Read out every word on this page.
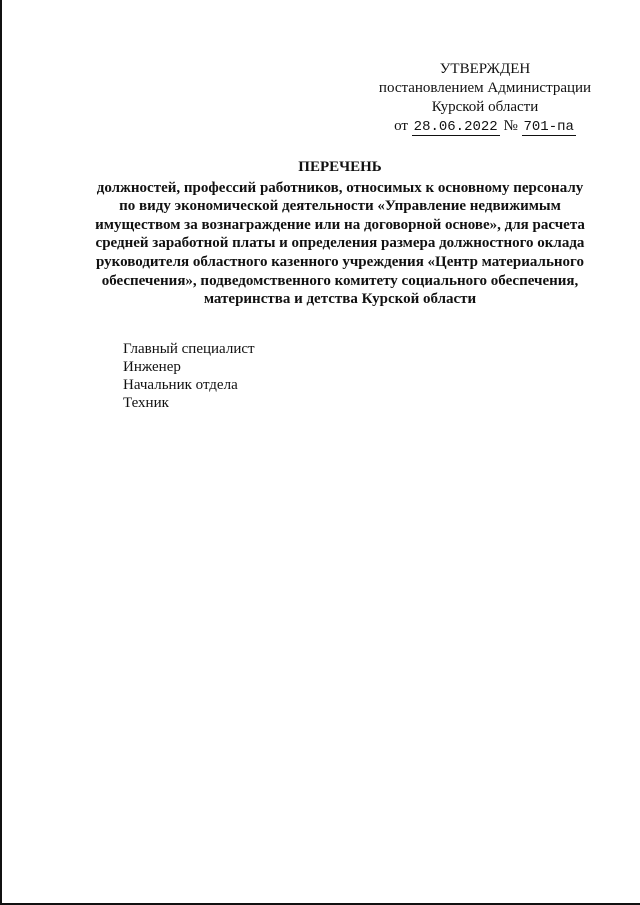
УТВЕРЖДЕН
постановлением Администрации
Курской области
от 28.06.2022 № 701-па
ПЕРЕЧЕНЬ
должностей, профессий работников, относимых к основному персоналу по виду экономической деятельности «Управление недвижимым имуществом за вознаграждение или на договорной основе», для расчета средней заработной платы и определения размера должностного оклада руководителя областного казенного учреждения «Центр материального обеспечения», подведомственного комитету социального обеспечения, материнства и детства Курской области
Главный специалист
Инженер
Начальник отдела
Техник
